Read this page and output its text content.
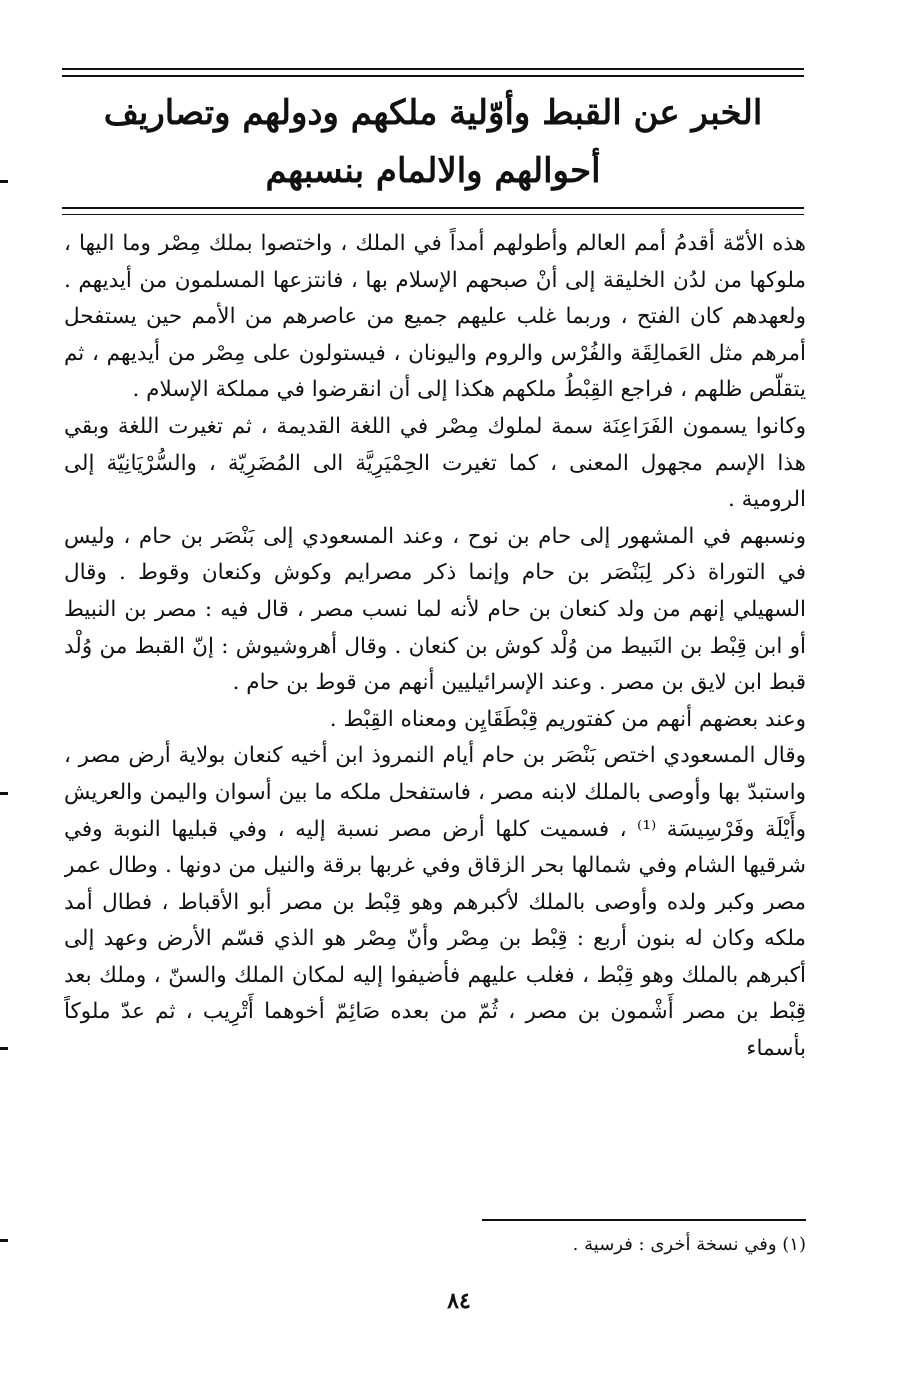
الخبر عن القبط وأوّلية ملكهم ودولهم وتصاريف
أحوالهم والالمام بنسبهم

هذه الأمّة أقدمُ أمم العالم وأطولهم أمداً في الملك ، واختصوا بملك مِصْر وما اليها ، ملوكها من لدُن الخليقة إلى أنْ صبحهم الإسلام بها ، فانتزعها المسلمون من أيديهم . ولعهدهم كان الفتح ، وربما غلب عليهم جميع من عاصرهم من الأمم حين يستفحل أمرهم مثل العَمالِقَة والفُرْس والروم واليونان ، فيستولون على مِصْر من أيديهم ، ثم يتقلّص ظلهم ، فراجع القِبْطُ ملكهم هكذا إلى أن انقرضوا في مملكة الإسلام .

وكانوا يسمون الفَرَاعِنَة سمة لملوك مِصْر في اللغة القديمة ، ثم تغيرت اللغة وبقي هذا الإسم مجهول المعنى ، كما تغيرت الحِمْيَرِيَّة الى المُضَرِيّة ، والسُّرْيَانِيّة إلى الرومية .

ونسبهم في المشهور إلى حام بن نوح ، وعند المسعودي إلى بَنْصَر بن حام ، وليس في التوراة ذكر لِبَنْصَر بن حام وإنما ذكر مصرايم وكوش وكنعان وقوط . وقال السهيلي إنهم من ولد كنعان بن حام لأنه لما نسب مصر ، قال فيه : مصر بن النبيط أو ابن قِبْط بن النَبيط من وُلْد كوش بن كنعان . وقال أهروشيوش : إنّ القبط من وُلْد قبط ابن لايق بن مصر . وعند الإسرائيليين أنهم من قوط بن حام .

وعند بعضهم أنهم من كفتوريم قِبْطَقَايِن ومعناه القِبْط .

وقال المسعودي اختص بَنْصَر بن حام أيام النمروذ ابن أخيه كنعان بولاية أرض مصر ، واستبدّ بها وأوصى بالملك لابنه مصر ، فاستفحل ملكه ما بين أسوان واليمن والعريش وأَيْلَة وفَرْسِيسَة ⁽¹⁾ ، فسميت كلها أرض مصر نسبة إليه ، وفي قبليها النوبة وفي شرقيها الشام وفي شمالها بحر الزقاق وفي غربها برقة والنيل من دونها . وطال عمر مصر وكبر ولده وأوصى بالملك لأكبرهم وهو قِبْط بن مصر أبو الأقباط ، فطال أمد ملكه وكان له بنون أربع : قِبْط بن مِصْر وأنّ مِصْر هو الذي قسّم الأرض وعهد إلى أكبرهم بالملك وهو قِبْط ، فغلب عليهم فأضيفوا إليه لمكان الملك والسنّ ، وملك بعد قِبْط بن مصر أَشْمون بن مصر ، ثُمّ من بعده صَائِمّ أخوهما أَتْرِيب ، ثم عدّ ملوكاً بأسماء

(١) وفي نسخة أخرى : فرسية .
٨٤
